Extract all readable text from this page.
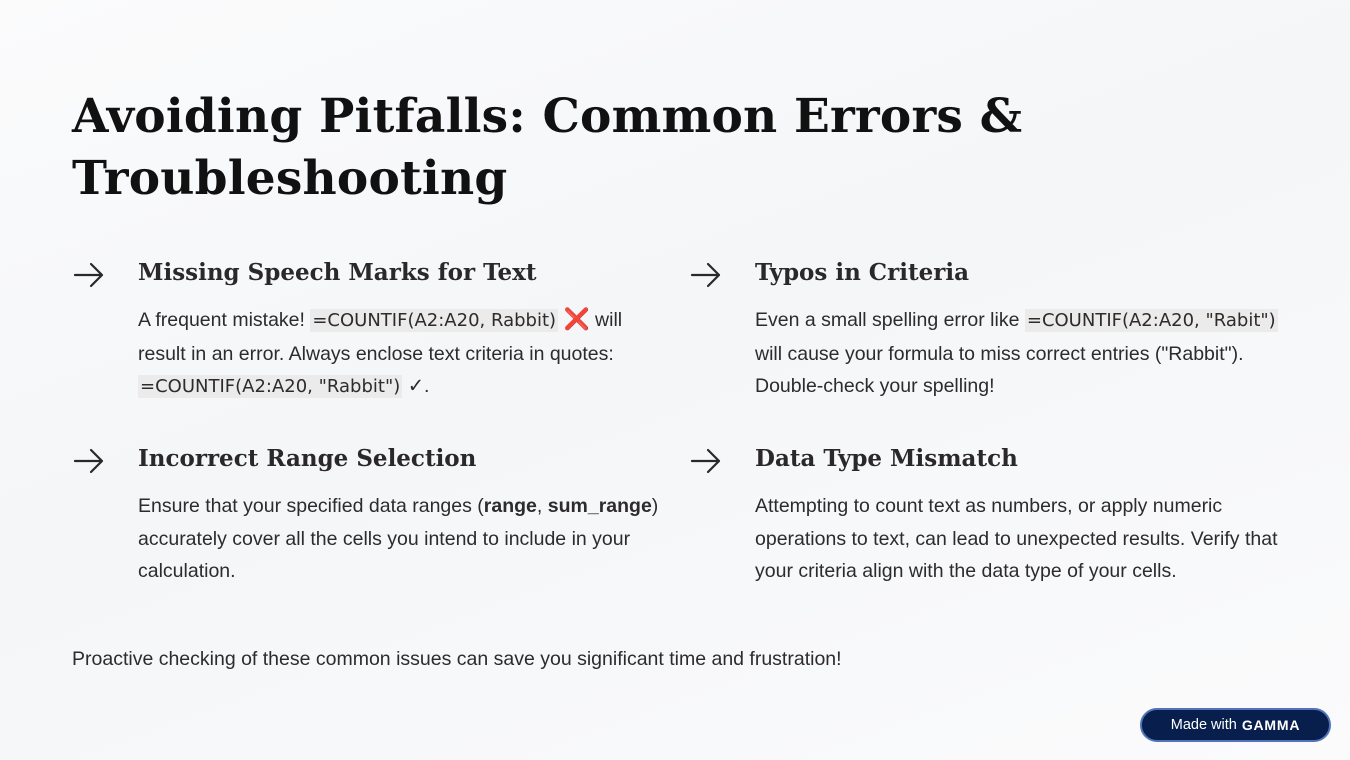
Avoiding Pitfalls: Common Errors & Troubleshooting
Missing Speech Marks for Text
A frequent mistake! =COUNTIF(A2:A20, Rabbit) ❌ will result in an error. Always enclose text criteria in quotes: =COUNTIF(A2:A20, "Rabbit") ✓.
Typos in Criteria
Even a small spelling error like =COUNTIF(A2:A20, "Rabit") will cause your formula to miss correct entries ("Rabbit"). Double-check your spelling!
Incorrect Range Selection
Ensure that your specified data ranges (range, sum_range) accurately cover all the cells you intend to include in your calculation.
Data Type Mismatch
Attempting to count text as numbers, or apply numeric operations to text, can lead to unexpected results. Verify that your criteria align with the data type of your cells.

Proactive checking of these common issues can save you significant time and frustration!

Made with GAMMA
